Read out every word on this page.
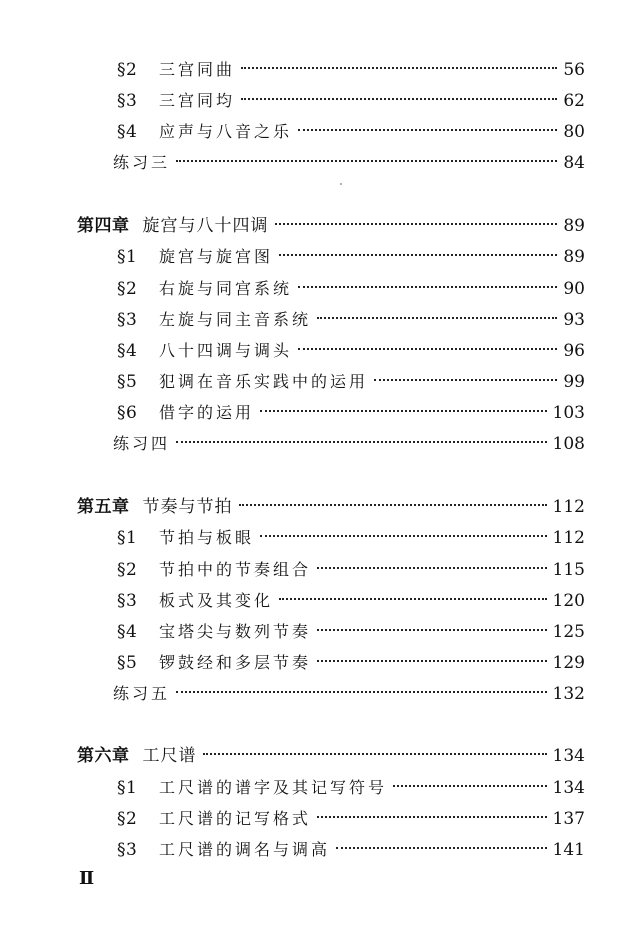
§2	三宫同曲	56
§3	三宫同均	62
§4	应声与八音之乐	80
练习三	84
第四章 旋宫与八十四调	89
§1	旋宫与旋宫图	89
§2	右旋与同宫系统	90
§3	左旋与同主音系统	93
§4	八十四调与调头	96
§5	犯调在音乐实践中的运用	99
§6	借字的运用	103
练习四	108
第五章 节奏与节拍	112
§1	节拍与板眼	112
§2	节拍中的节奏组合	115
§3	板式及其变化	120
§4	宝塔尖与数列节奏	125
§5	锣鼓经和多层节奏	129
练习五	132
第六章 工尺谱	134
§1	工尺谱的谱字及其记写符号	134
§2	工尺谱的记写格式	137
§3	工尺谱的调名与调高	141
Ⅱ
